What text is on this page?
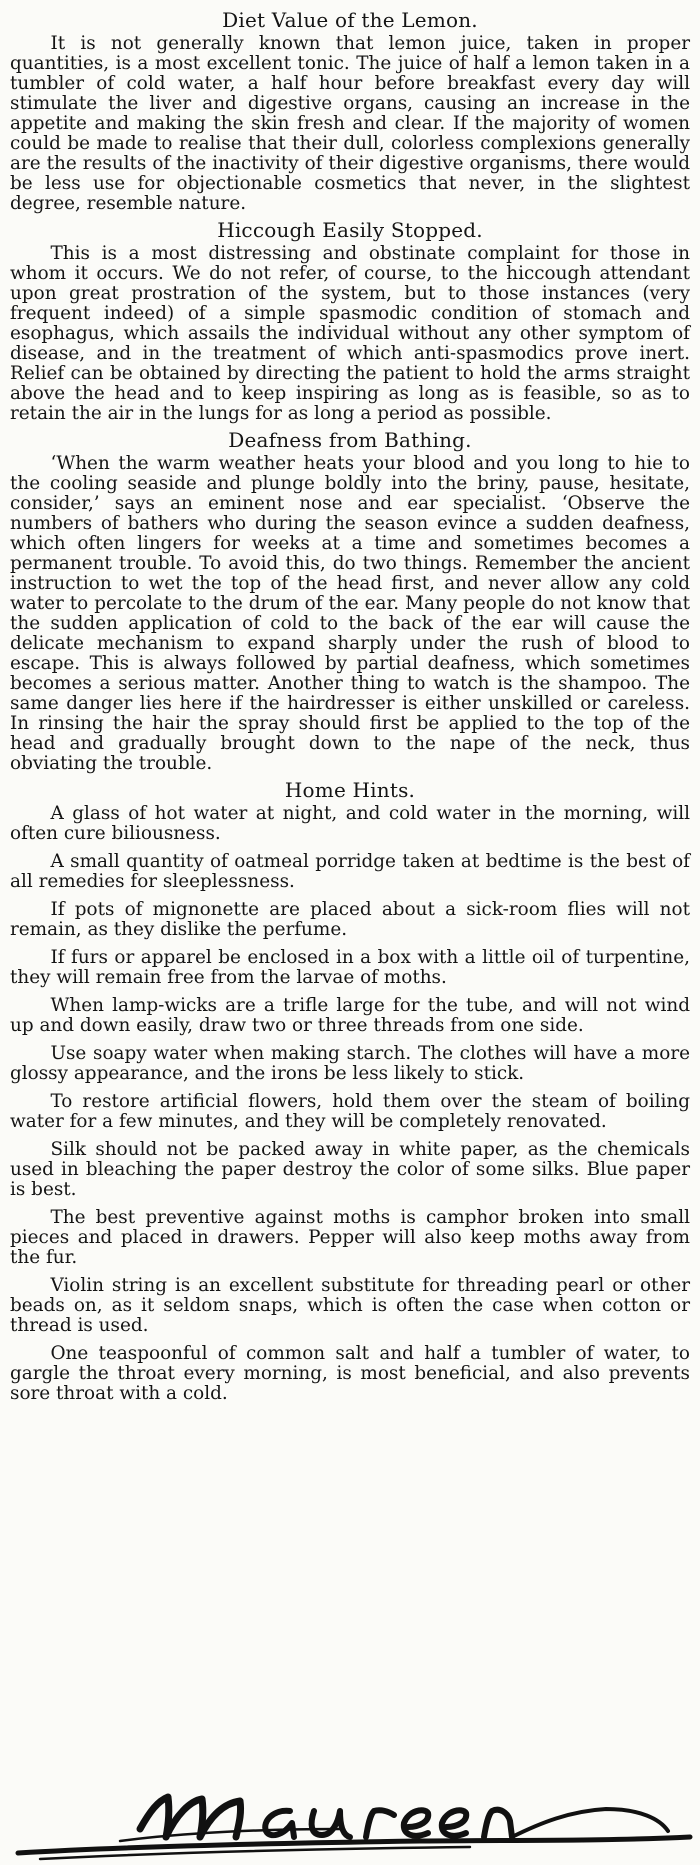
Diet Value of the Lemon.

It is not generally known that lemon juice, taken in proper quantities, is a most excellent tonic. The juice of half a lemon taken in a tumbler of cold water, a half hour before breakfast every day will stimulate the liver and digestive organs, causing an increase in the appetite and making the skin fresh and clear. If the majority of women could be made to realise that their dull, colorless complexions generally are the results of the inactivity of their digestive organisms, there would be less use for objectionable cosmetics that never, in the slightest degree, resemble nature.

Hiccough Easily Stopped.

This is a most distressing and obstinate complaint for those in whom it occurs. We do not refer, of course, to the hiccough attendant upon great prostration of the system, but to those instances (very frequent indeed) of a simple spasmodic condition of stomach and esophagus, which assails the individual without any other symptom of disease, and in the treatment of which anti-spasmodics prove inert. Relief can be obtained by directing the patient to hold the arms straight above the head and to keep inspiring as long as is feasible, so as to retain the air in the lungs for as long a period as possible.

Deafness from Bathing.

‘When the warm weather heats your blood and you long to hie to the cooling seaside and plunge boldly into the briny, pause, hesitate, consider,’ says an eminent nose and ear specialist. ‘Observe the numbers of bathers who during the season evince a sudden deafness, which often lingers for weeks at a time and sometimes becomes a permanent trouble. To avoid this, do two things. Remember the ancient instruction to wet the top of the head first, and never allow any cold water to percolate to the drum of the ear. Many people do not know that the sudden application of cold to the back of the ear will cause the delicate mechanism to expand sharply under the rush of blood to escape. This is always followed by partial deafness, which sometimes becomes a serious matter. Another thing to watch is the shampoo. The same danger lies here if the hairdresser is either unskilled or careless. In rinsing the hair the spray should first be applied to the top of the head and gradually brought down to the nape of the neck, thus obviating the trouble.

Home Hints.

A glass of hot water at night, and cold water in the morning, will often cure biliousness.

A small quantity of oatmeal porridge taken at bedtime is the best of all remedies for sleeplessness.

If pots of mignonette are placed about a sick-room flies will not remain, as they dislike the perfume.

If furs or apparel be enclosed in a box with a little oil of turpentine, they will remain free from the larvae of moths.

When lamp-wicks are a trifle large for the tube, and will not wind up and down easily, draw two or three threads from one side.

Use soapy water when making starch. The clothes will have a more glossy appearance, and the irons be less likely to stick.

To restore artificial flowers, hold them over the steam of boiling water for a few minutes, and they will be completely renovated.

Silk should not be packed away in white paper, as the chemicals used in bleaching the paper destroy the color of some silks. Blue paper is best.

The best preventive against moths is camphor broken into small pieces and placed in drawers. Pepper will also keep moths away from the fur.

Violin string is an excellent substitute for threading pearl or other beads on, as it seldom snaps, which is often the case when cotton or thread is used.

One teaspoonful of common salt and half a tumbler of water, to gargle the throat every morning, is most beneficial, and also prevents sore throat with a cold.
